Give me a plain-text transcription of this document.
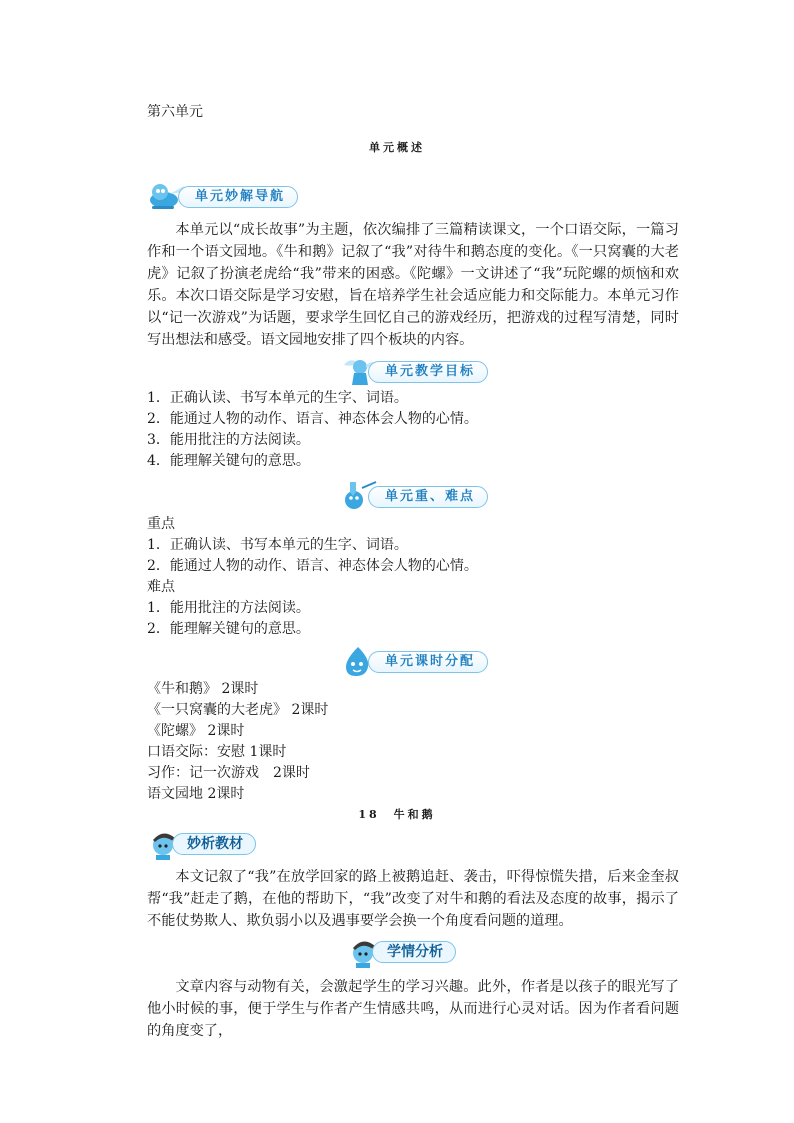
第六单元
单元概述
单元妙解导航

本单元以“成长故事”为主题，依次编排了三篇精读课文，一个口语交际，一篇习作和一个语文园地。《牛和鹅》记叙了“我”对待牛和鹅态度的变化。《一只窝囊的大老虎》记叙了扮演老虎给“我”带来的困惑。《陀螺》一文讲述了“我”玩陀螺的烦恼和欢乐。本次口语交际是学习安慰，旨在培养学生社会适应能力和交际能力。本单元习作以“记一次游戏”为话题，要求学生回忆自己的游戏经历，把游戏的过程写清楚，同时写出想法和感受。语文园地安排了四个板块的内容。

单元教学目标
1．正确认读、书写本单元的生字、词语。
2．能通过人物的动作、语言、神态体会人物的心情。
3．能用批注的方法阅读。
4．能理解关键句的意思。
单元重、难点
重点
1．正确认读、书写本单元的生字、词语。
2．能通过人物的动作、语言、神态体会人物的心情。
难点
1．能用批注的方法阅读。
2．能理解关键句的意思。
单元课时分配
《牛和鹅》 2课时
《一只窝囊的大老虎》 2课时
《陀螺》 2课时
口语交际：安慰 1课时
习作：记一次游戏　2课时
语文园地 2课时
18　牛和鹅
妙析教材

本文记叙了“我”在放学回家的路上被鹅追赶、袭击，吓得惊慌失措，后来金奎叔帮“我”赶走了鹅，在他的帮助下，“我”改变了对牛和鹅的看法及态度的故事，揭示了不能仗势欺人、欺负弱小以及遇事要学会换一个角度看问题的道理。

学情分析

文章内容与动物有关，会激起学生的学习兴趣。此外，作者是以孩子的眼光写了他小时候的事，便于学生与作者产生情感共鸣，从而进行心灵对话。因为作者看问题的角度变了，
